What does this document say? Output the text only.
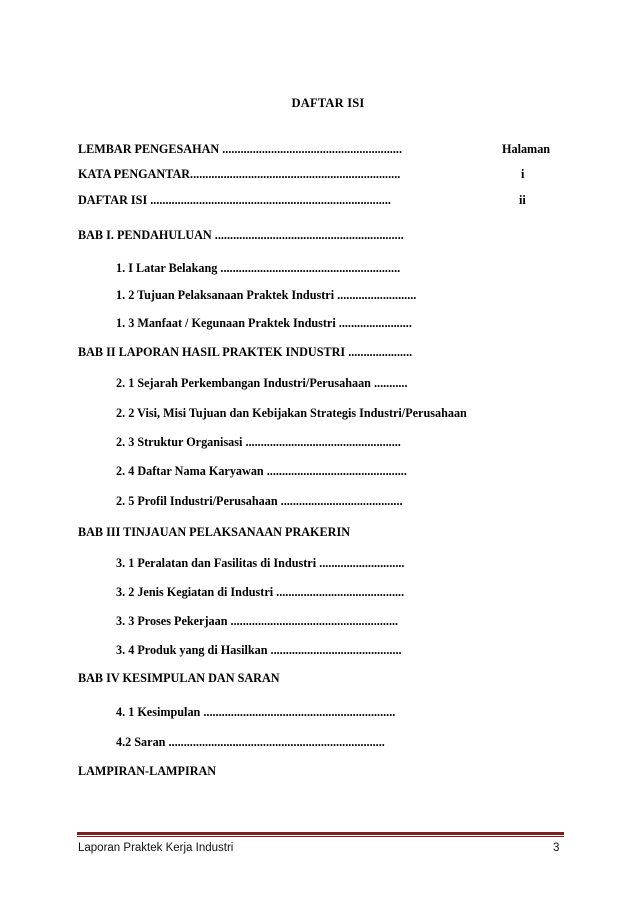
DAFTAR ISI
LEMBAR PENGESAHAN ...........................................................	Halaman
KATA PENGANTAR.....................................................................	i
DAFTAR ISI ...............................................................................	ii
BAB I. PENDAHULUAN ..............................................................
1. I Latar Belakang ...........................................................
1. 2 Tujuan Pelaksanaan Praktek Industri ..........................
1. 3 Manfaat / Kegunaan Praktek Industri ........................
BAB II LAPORAN HASIL PRAKTEK INDUSTRI .....................
2. 1 Sejarah Perkembangan Industri/Perusahaan ...........
2. 2 Visi, Misi Tujuan dan Kebijakan Strategis Industri/Perusahaan
2. 3 Struktur Organisasi ...................................................
2. 4 Daftar Nama Karyawan ..............................................
2. 5 Profil Industri/Perusahaan ........................................
BAB III TINJAUAN PELAKSANAAN PRAKERIN
3. 1 Peralatan dan Fasilitas di Industri ............................
3. 2 Jenis Kegiatan di Industri ..........................................
3. 3 Proses Pekerjaan .......................................................
3. 4 Produk yang di Hasilkan ...........................................
BAB IV KESIMPULAN DAN SARAN
4. 1 Kesimpulan ...............................................................
4.2 Saran .......................................................................
LAMPIRAN-LAMPIRAN
Laporan Praktek Kerja Industri	3
